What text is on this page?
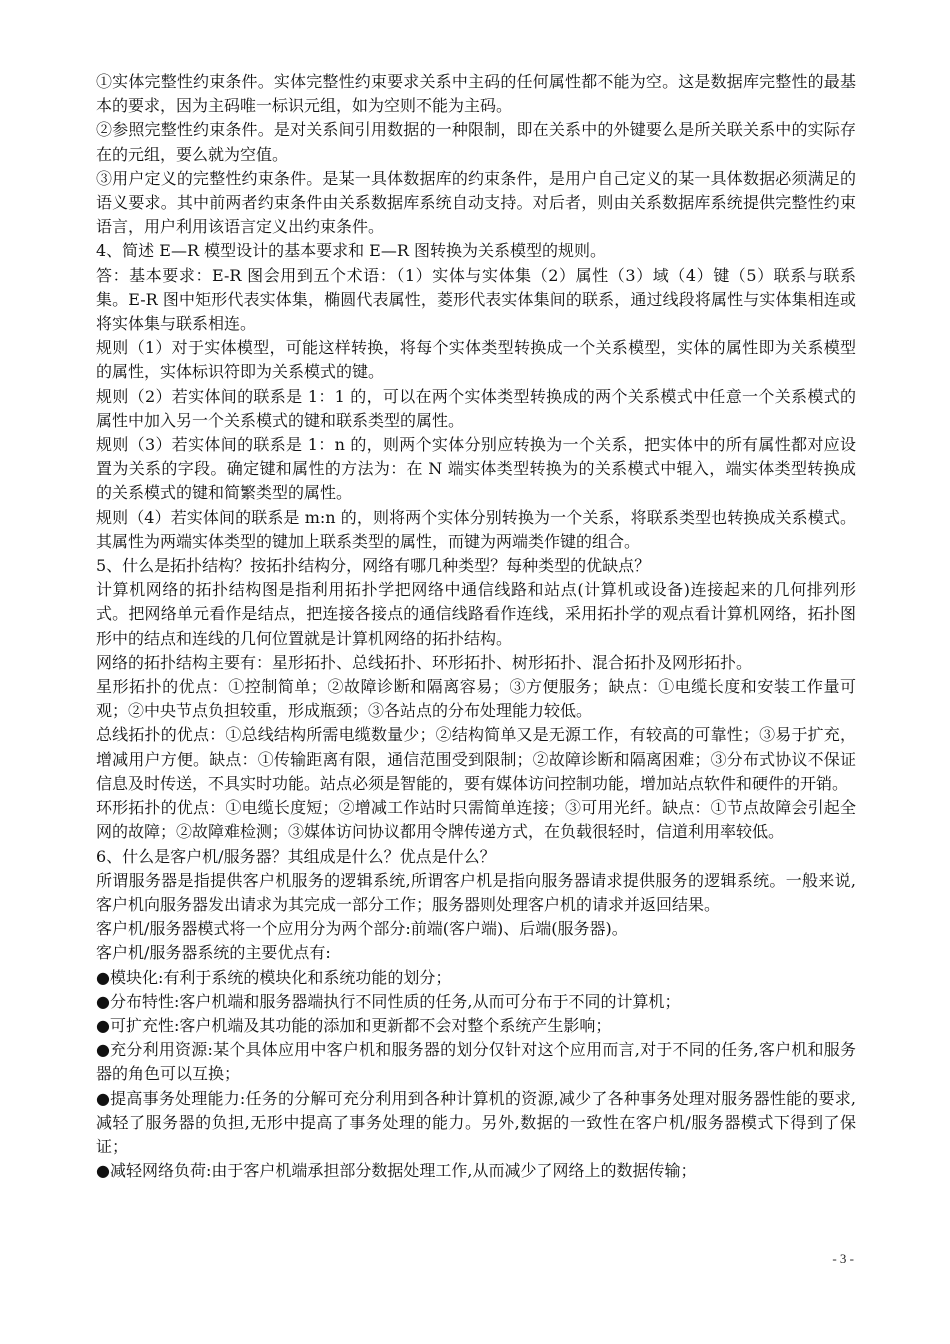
①实体完整性约束条件。实体完整性约束要求关系中主码的任何属性都不能为空。这是数据库完整性的最基本的要求，因为主码唯一标识元组，如为空则不能为主码。

②参照完整性约束条件。是对关系间引用数据的一种限制，即在关系中的外键要么是所关联关系中的实际存在的元组，要么就为空值。

③用户定义的完整性约束条件。是某一具体数据库的约束条件，是用户自己定义的某一具体数据必须满足的语义要求。其中前两者约束条件由关系数据库系统自动支持。对后者，则由关系数据库系统提供完整性约束语言，用户利用该语言定义出约束条件。

4、简述 E—R 模型设计的基本要求和 E—R 图转换为关系模型的规则。

答：基本要求：E-R 图会用到五个术语：（1）实体与实体集（2）属性（3）域（4）键（5）联系与联系集。E-R 图中矩形代表实体集，椭圆代表属性，菱形代表实体集间的联系，通过线段将属性与实体集相连或将实体集与联系相连。

规则（1）对于实体模型，可能这样转换，将每个实体类型转换成一个关系模型，实体的属性即为关系模型的属性，实体标识符即为关系模式的键。

规则（2）若实体间的联系是 1：1 的，可以在两个实体类型转换成的两个关系模式中任意一个关系模式的属性中加入另一个关系模式的键和联系类型的属性。

规则（3）若实体间的联系是 1：n 的，则两个实体分别应转换为一个关系，把实体中的所有属性都对应设置为关系的字段。确定键和属性的方法为：在 N 端实体类型转换为的关系模式中辊入，端实体类型转换成的关系模式的键和简繁类型的属性。

规则（4）若实体间的联系是 m:n 的，则将两个实体分别转换为一个关系，将联系类型也转换成关系模式。其属性为两端实体类型的键加上联系类型的属性，而键为两端类作键的组合。

5、什么是拓扑结构？按拓扑结构分，网络有哪几种类型？每种类型的优缺点？

计算机网络的拓扑结构图是指利用拓扑学把网络中通信线路和站点(计算机或设备)连接起来的几何排列形式。把网络单元看作是结点，把连接各接点的通信线路看作连线，采用拓扑学的观点看计算机网络，拓扑图形中的结点和连线的几何位置就是计算机网络的拓扑结构。

网络的拓扑结构主要有：星形拓扑、总线拓扑、环形拓扑、树形拓扑、混合拓扑及网形拓扑。

星形拓扑的优点：①控制简单；②故障诊断和隔离容易；③方便服务；缺点：①电缆长度和安装工作量可观；②中央节点负担较重，形成瓶颈；③各站点的分布处理能力较低。

总线拓扑的优点：①总线结构所需电缆数量少；②结构简单又是无源工作，有较高的可靠性；③易于扩充，增减用户方便。缺点：①传输距离有限，通信范围受到限制；②故障诊断和隔离困难；③分布式协议不保证信息及时传送，不具实时功能。站点必须是智能的，要有媒体访问控制功能，增加站点软件和硬件的开销。

环形拓扑的优点：①电缆长度短；②增减工作站时只需简单连接；③可用光纤。缺点：①节点故障会引起全网的故障；②故障难检测；③媒体访问协议都用令牌传递方式，在负载很轻时，信道利用率较低。

6、什么是客户机/服务器？其组成是什么？优点是什么？

所谓服务器是指提供客户机服务的逻辑系统,所谓客户机是指向服务器请求提供服务的逻辑系统。一般来说,客户机向服务器发出请求为其完成一部分工作；服务器则处理客户机的请求并返回结果。

客户机/服务器模式将一个应用分为两个部分:前端(客户端)、后端(服务器)。

客户机/服务器系统的主要优点有:

●模块化:有利于系统的模块化和系统功能的划分；

●分布特性:客户机端和服务器端执行不同性质的任务,从而可分布于不同的计算机；

●可扩充性:客户机端及其功能的添加和更新都不会对整个系统产生影响；

●充分利用资源:某个具体应用中客户机和服务器的划分仅针对这个应用而言,对于不同的任务,客户机和服务器的角色可以互换；

●提高事务处理能力:任务的分解可充分利用到各种计算机的资源,减少了各种事务处理对服务器性能的要求,减轻了服务器的负担,无形中提高了事务处理的能力。另外,数据的一致性在客户机/服务器模式下得到了保证；

●减轻网络负荷:由于客户机端承担部分数据处理工作,从而减少了网络上的数据传输；

- 3 -
